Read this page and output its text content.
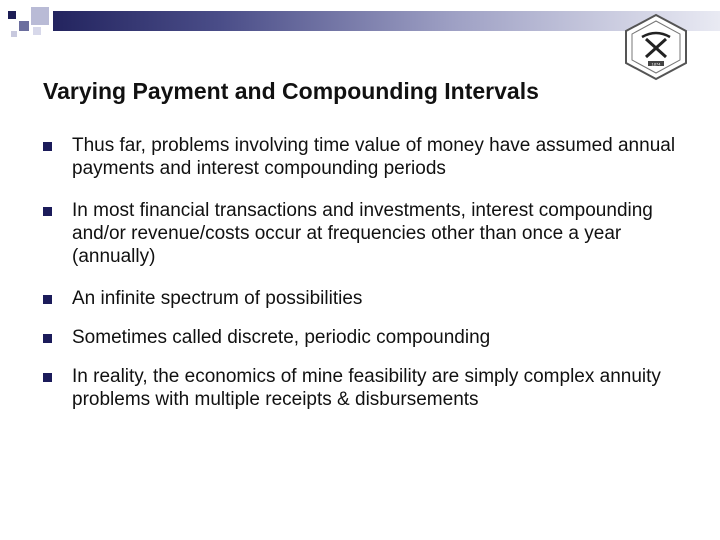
1874
Varying Payment and Compounding Intervals
Thus far, problems involving time value of money have assumed annual payments and interest compounding periods
In most financial transactions and investments, interest compounding and/or revenue/costs occur at frequencies other than once a year (annually)
An infinite spectrum of possibilities
Sometimes called discrete, periodic compounding
In reality, the economics of mine feasibility are simply complex annuity problems with multiple receipts & disbursements
